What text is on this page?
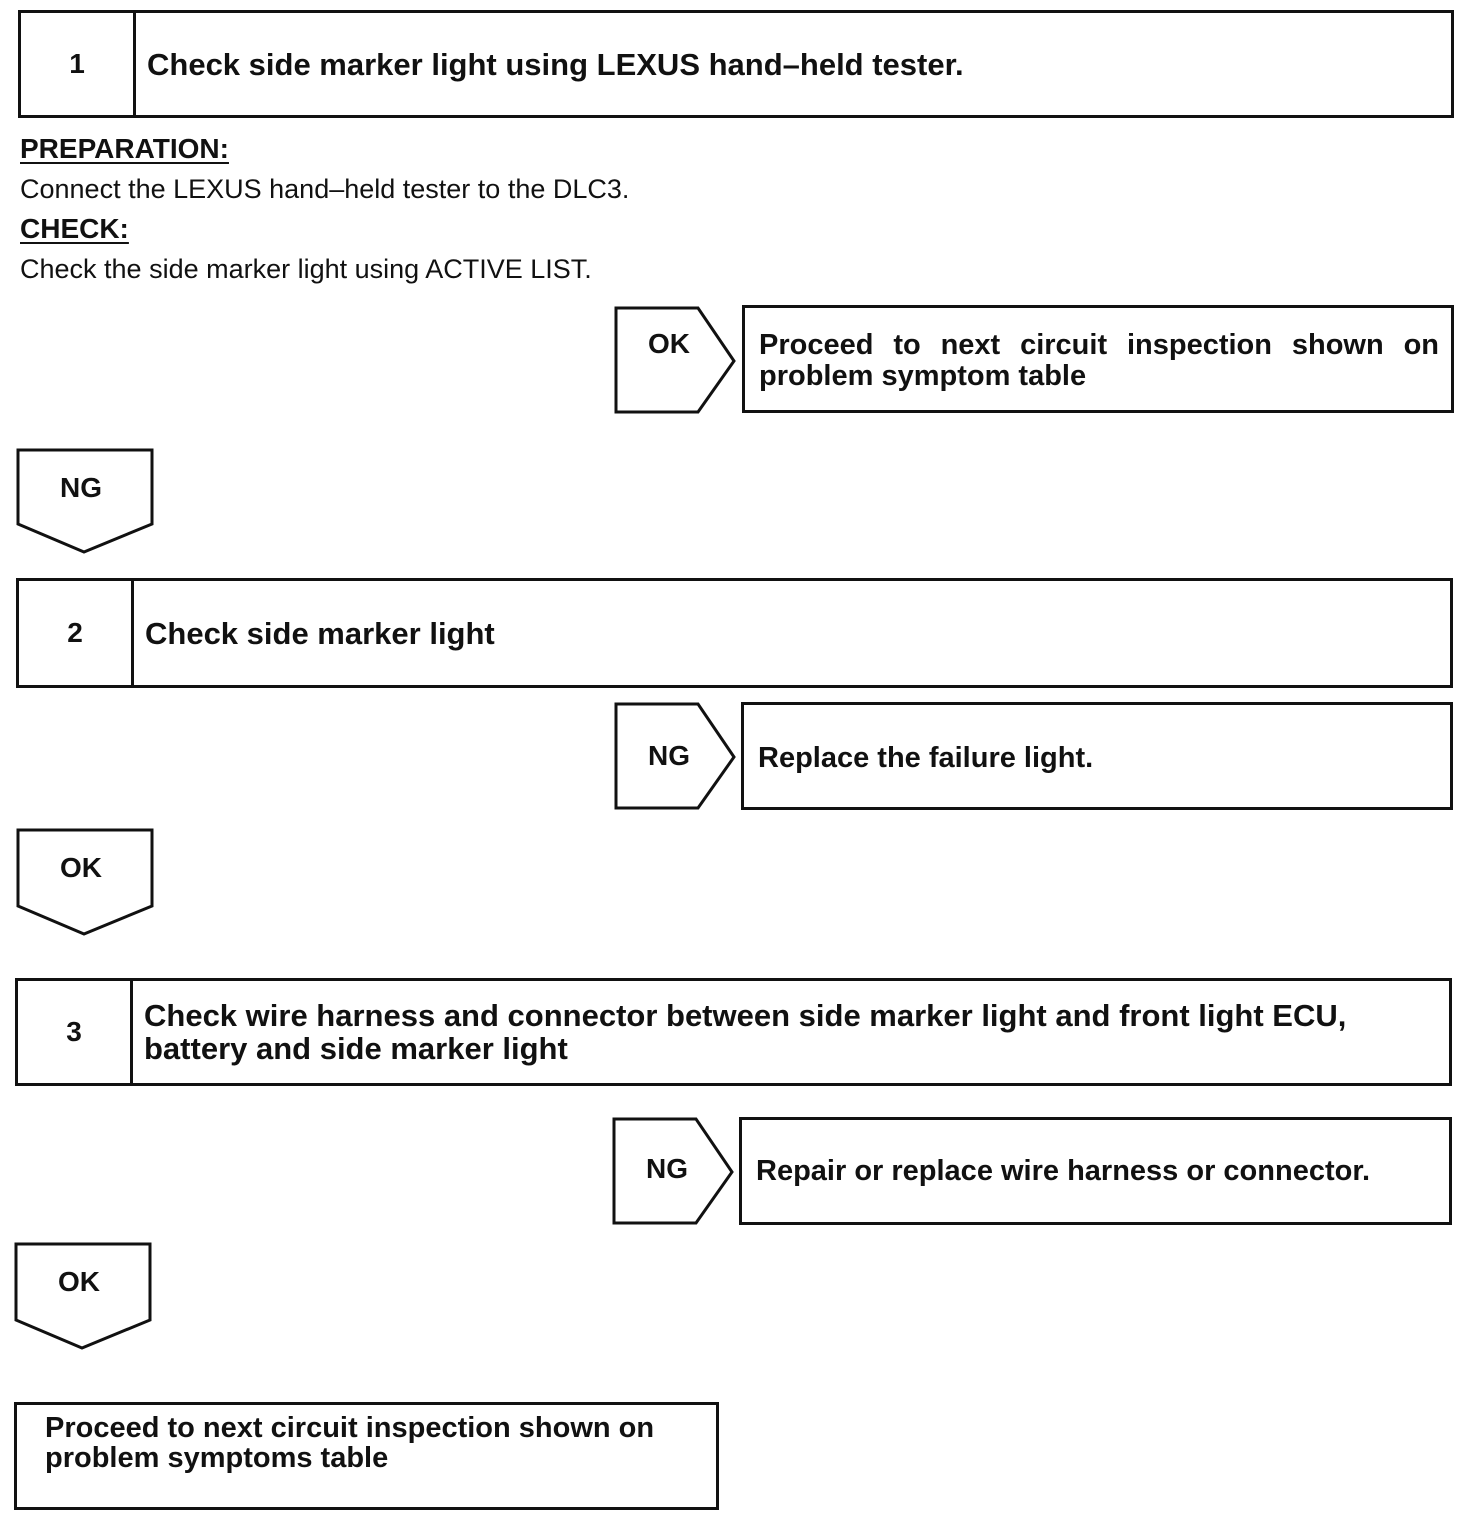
1	Check side marker light using LEXUS hand–held tester.
PREPARATION:
Connect the LEXUS hand–held tester to the DLC3.
CHECK:
Check the side marker light using ACTIVE LIST.
OK	Proceed to next circuit inspection shown on problem symptom table
NG
2	Check side marker light
NG	Replace the failure light.
OK
3	Check wire harness and connector between side marker light and front light ECU, battery and side marker light
NG	Repair or replace wire harness or connector.
OK
Proceed to next circuit inspection shown on problem symptoms table
